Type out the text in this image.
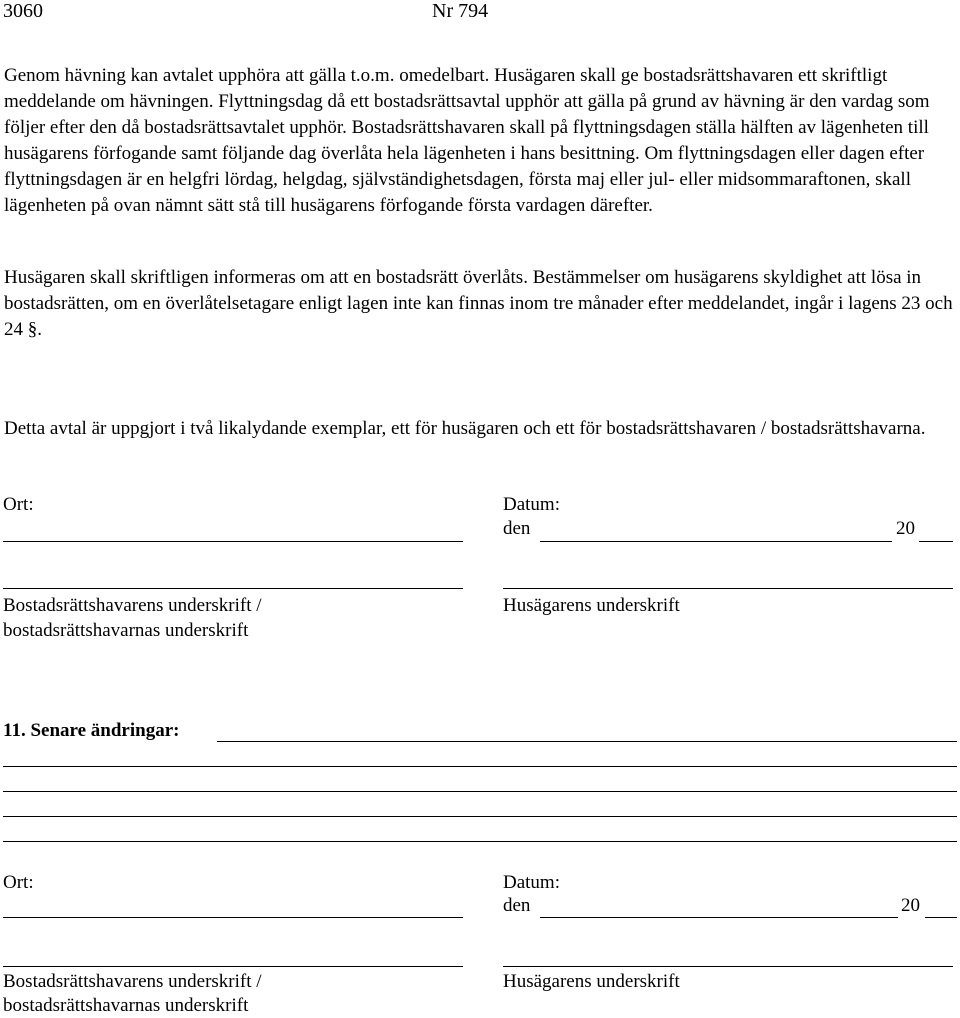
3060	Nr 794

Genom hävning kan avtalet upphöra att gälla t.o.m. omedelbart. Husägaren skall ge bostadsrättshavaren ett skriftligt meddelande om hävningen. Flyttningsdag då ett bostadsrättsavtal upphör att gälla på grund av hävning är den vardag som följer efter den då bostadsrättsavtalet upphör. Bostadsrättshavaren skall på flyttningsdagen ställa hälften av lägenheten till husägarens förfogande samt följande dag överlåta hela lägenheten i hans besittning. Om flyttningsdagen eller dagen efter flyttningsdagen är en helgfri lördag, helgdag, självständighetsdagen, första maj eller jul- eller midsommaraftonen, skall lägenheten på ovan nämnt sätt stå till husägarens förfogande första vardagen därefter.

Husägaren skall skriftligen informeras om att en bostadsrätt överlåts. Bestämmelser om husägarens skyldighet att lösa in bostadsrätten, om en överlåtelsetagare enligt lagen inte kan finnas inom tre månader efter meddelandet, ingår i lagens 23 och 24 §.

Detta avtal är uppgjort i två likalydande exemplar, ett för husägaren och ett för bostadsrättshavaren / bostadsrättshavarna.

Ort:	Datum:
den	20
Bostadsrättshavarens underskrift /
bostadsrättshavarnas underskrift
Husägarens underskrift
11. Senare ändringar:
Ort:	Datum:
den	20
Bostadsrättshavarens underskrift /
bostadsrättshavarnas underskrift
Husägarens underskrift
